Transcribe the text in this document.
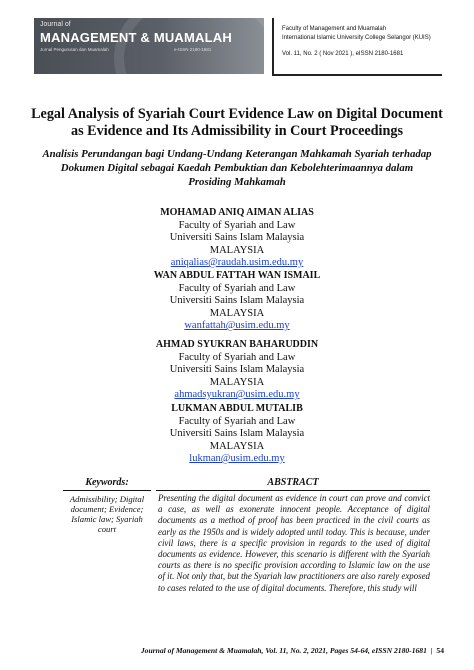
Journal of
MANAGEMENT & MUAMALAH
Jurnal Pengurusan dan Muamalah	e-ISSN 2180-1681
Faculty of Management and Muamalah
International Islamic University College Selangor (KUIS)
Vol. 11, No. 2 ( Nov 2021 ), eISSN 2180-1681
Legal Analysis of Syariah Court Evidence Law on Digital Document as Evidence and Its Admissibility in Court Proceedings
Analisis Perundangan bagi Undang-Undang Keterangan Mahkamah Syariah terhadap Dokumen Digital sebagai Kaedah Pembuktian dan Kebolehterimaannya dalam Prosiding Mahkamah
MOHAMAD ANIQ AIMAN ALIAS
Faculty of Syariah and Law
Universiti Sains Islam Malaysia
MALAYSIA
aniqalias@raudah.usim.edu.my
WAN ABDUL FATTAH WAN ISMAIL
Faculty of Syariah and Law
Universiti Sains Islam Malaysia
MALAYSIA
wanfattah@usim.edu.my
AHMAD SYUKRAN BAHARUDDIN
Faculty of Syariah and Law
Universiti Sains Islam Malaysia
MALAYSIA
ahmadsyukran@usim.edu.my
LUKMAN ABDUL MUTALIB
Faculty of Syariah and Law
Universiti Sains Islam Malaysia
MALAYSIA
lukman@usim.edu.my
Keywords:
Admissibility; Digital document; Evidence; Islamic law; Syariah court
ABSTRACT
Presenting the digital document as evidence in court can prove and convict a case, as well as exonerate innocent people. Acceptance of digital documents as a method of proof has been practiced in the civil courts as early as the 1950s and is widely adopted until today. This is because, under civil laws, there is a specific provision in regards to the used of digital documents as evidence. However, this scenario is different with the Syariah courts as there is no specific provision according to Islamic law on the use of it. Not only that, but the Syariah law practitioners are also rarely exposed to cases related to the use of digital documents. Therefore, this study will
Journal of Management & Muamalah, Vol. 11, No. 2, 2021, Pages 54-64, eISSN 2180-1681 | 54
